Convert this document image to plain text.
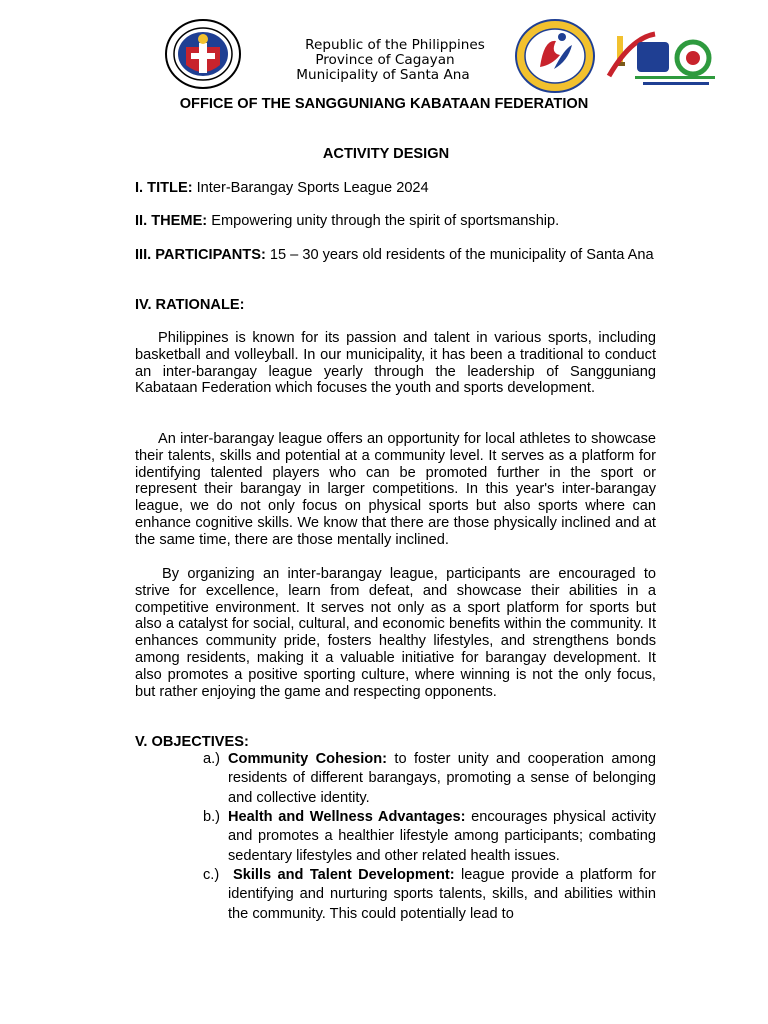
Republic of the Philippines
Province of Cagayan
Municipality of Santa Ana
OFFICE OF THE SANGGUNIANG KABATAAN FEDERATION
ACTIVITY DESIGN
I. TITLE: Inter-Barangay Sports League 2024
II. THEME: Empowering unity through the spirit of sportsmanship.
III. PARTICIPANTS: 15 – 30 years old residents of the municipality of Santa Ana
IV. RATIONALE:
Philippines is known for its passion and talent in various sports, including basketball and volleyball. In our municipality, it has been a traditional to conduct an inter-barangay league yearly through the leadership of Sangguniang Kabataan Federation which focuses the youth and sports development.
An inter-barangay league offers an opportunity for local athletes to showcase their talents, skills and potential at a community level. It serves as a platform for identifying talented players who can be promoted further in the sport or represent their barangay in larger competitions. In this year's inter-barangay league, we do not only focus on physical sports but also sports where can enhance cognitive skills. We know that there are those physically inclined and at the same time, there are those mentally inclined.
By organizing an inter-barangay league, participants are encouraged to strive for excellence, learn from defeat, and showcase their abilities in a competitive environment. It serves not only as a sport platform for sports but also a catalyst for social, cultural, and economic benefits within the community. It enhances community pride, fosters healthy lifestyles, and strengthens bonds among residents, making it a valuable initiative for barangay development. It also promotes a positive sporting culture, where winning is not the only focus, but rather enjoying the game and respecting opponents.
V. OBJECTIVES:
a.) Community Cohesion: to foster unity and cooperation among residents of different barangays, promoting a sense of belonging and collective identity.
b.) Health and Wellness Advantages: encourages physical activity and promotes a healthier lifestyle among participants; combating sedentary lifestyles and other related health issues.
c.) Skills and Talent Development: league provide a platform for identifying and nurturing sports talents, skills, and abilities within the community. This could potentially lead to
